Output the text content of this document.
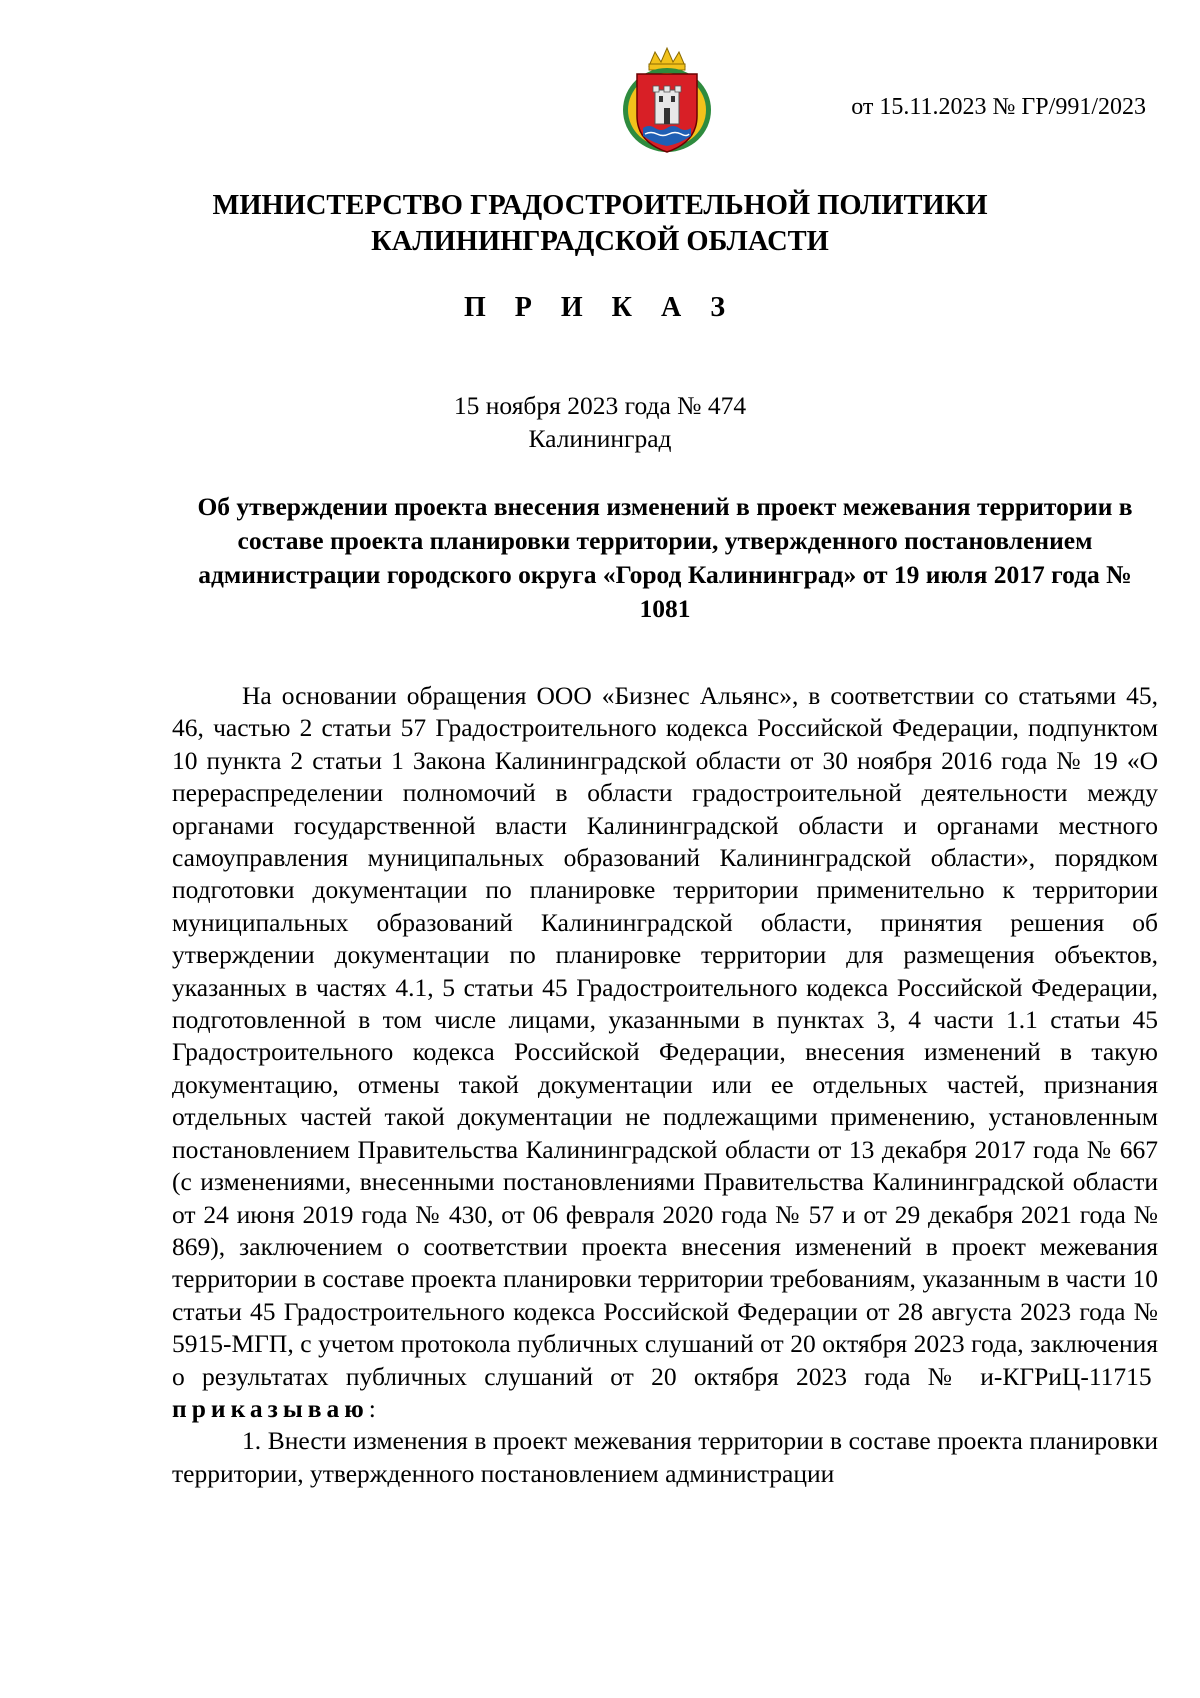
от 15.11.2023 № ГР/991/2023
МИНИСТЕРСТВО ГРАДОСТРОИТЕЛЬНОЙ ПОЛИТИКИ
КАЛИНИНГРАДСКОЙ ОБЛАСТИ
П Р И К А З
15 ноября 2023 года № 474
Калининград
Об утверждении проекта внесения изменений в проект межевания территории в составе проекта планировки территории, утвержденного постановлением администрации городского округа «Город Калининград» от 19 июля 2017 года № 1081

На основании обращения ООО «Бизнес Альянс», в соответствии со статьями 45, 46, частью 2 статьи 57 Градостроительного кодекса Российской Федерации, подпунктом 10 пункта 2 статьи 1 Закона Калининградской области от 30 ноября 2016 года № 19 «О перераспределении полномочий в области градостроительной деятельности между органами государственной власти Калининградской области и органами местного самоуправления муниципальных образований Калининградской области», порядком подготовки документации по планировке территории применительно к территории муниципальных образований Калининградской области, принятия решения об утверждении документации по планировке территории для размещения объектов, указанных в частях 4.1, 5 статьи 45 Градостроительного кодекса Российской Федерации, подготовленной в том числе лицами, указанными в пунктах 3, 4 части 1.1 статьи 45 Градостроительного кодекса Российской Федерации, внесения изменений в такую документацию, отмены такой документации или ее отдельных частей, признания отдельных частей такой документации не подлежащими применению, установленным постановлением Правительства Калининградской области от 13 декабря 2017 года № 667 (с изменениями, внесенными постановлениями Правительства Калининградской области от 24 июня 2019 года № 430, от 06 февраля 2020 года № 57 и от 29 декабря 2021 года № 869), заключением о соответствии проекта внесения изменений в проект межевания территории в составе проекта планировки территории требованиям, указанным в части 10 статьи 45 Градостроительного кодекса Российской Федерации от 28 августа 2023 года № 5915-МГП, с учетом протокола публичных слушаний от 20 октября 2023 года, заключения о результатах публичных слушаний от 20 октября 2023 года № и-КГРиЦ-11715  приказываю:

1. Внести изменения в проект межевания территории в составе проекта планировки территории, утвержденного постановлением администрации
